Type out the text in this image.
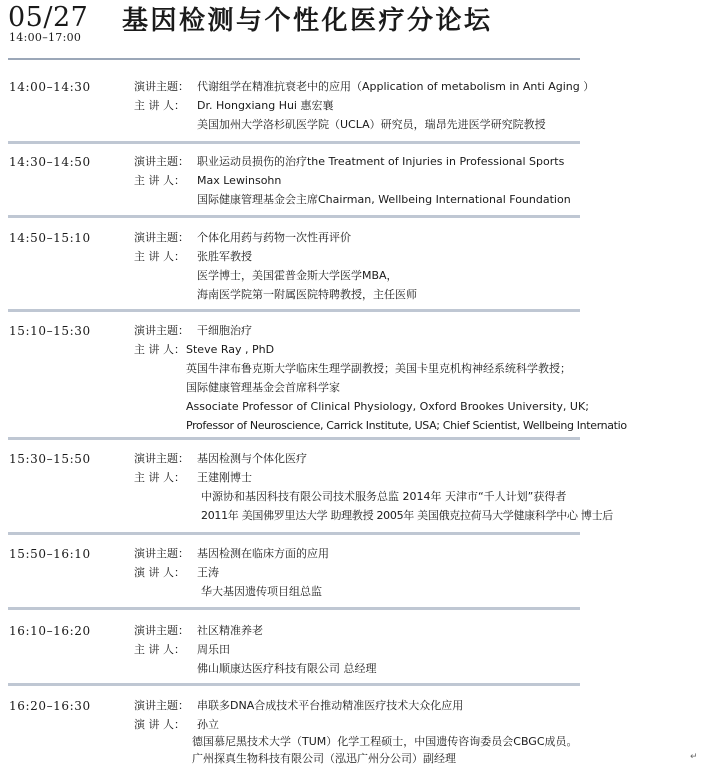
05/27
14:00–17:00
基因检测与个性化医疗分论坛
14:00–14:30	演讲主题： 代谢组学在精准抗衰老中的应用（Application of metabolism in Anti Aging ）
主 讲 人： Dr. Hongxiang Hui 惠宏襄
美国加州大学洛杉矶医学院（UCLA）研究员，瑞昂先进医学研究院教授
14:30–14:50	演讲主题： 职业运动员损伤的治疗the Treatment of Injuries in Professional Sports
主 讲 人： Max Lewinsohn
国际健康管理基金会主席Chairman, Wellbeing International Foundation
14:50–15:10	演讲主题： 个体化用药与药物一次性再评价
主 讲 人： 张胜军教授
医学博士，美国霍普金斯大学医学MBA，
海南医学院第一附属医院特聘教授，主任医师
15:10–15:30	演讲主题： 干细胞治疗
主 讲 人： Steve Ray , PhD
英国牛津布鲁克斯大学临床生理学副教授；美国卡里克机构神经系统科学教授；
国际健康管理基金会首席科学家
Associate Professor of Clinical Physiology, Oxford Brookes University, UK;
Professor of Neuroscience, Carrick Institute, USA; Chief Scientist, Wellbeing Internatio
15:30–15:50	演讲主题： 基因检测与个体化医疗
主 讲 人： 王建刚博士
中源协和基因科技有限公司技术服务总监 2014年 天津市“千人计划”获得者
2011年 美国佛罗里达大学 助理教授 2005年 美国俄克拉荷马大学健康科学中心 博士后
15:50–16:10	演讲主题： 基因检测在临床方面的应用
演 讲 人： 王涛
华大基因遗传项目组总监
16:10–16:20	演讲主题： 社区精准养老
主 讲 人： 周乐田
佛山顺康达医疗科技有限公司 总经理
16:20–16:30	演讲主题： 串联多DNA合成技术平台推动精准医疗技术大众化应用
演 讲 人： 孙立
德国慕尼黑技术大学（TUM）化学工程硕士，中国遗传咨询委员会CBGC成员。
广州探真生物科技有限公司（泓迅广州分公司）副经理	↵
